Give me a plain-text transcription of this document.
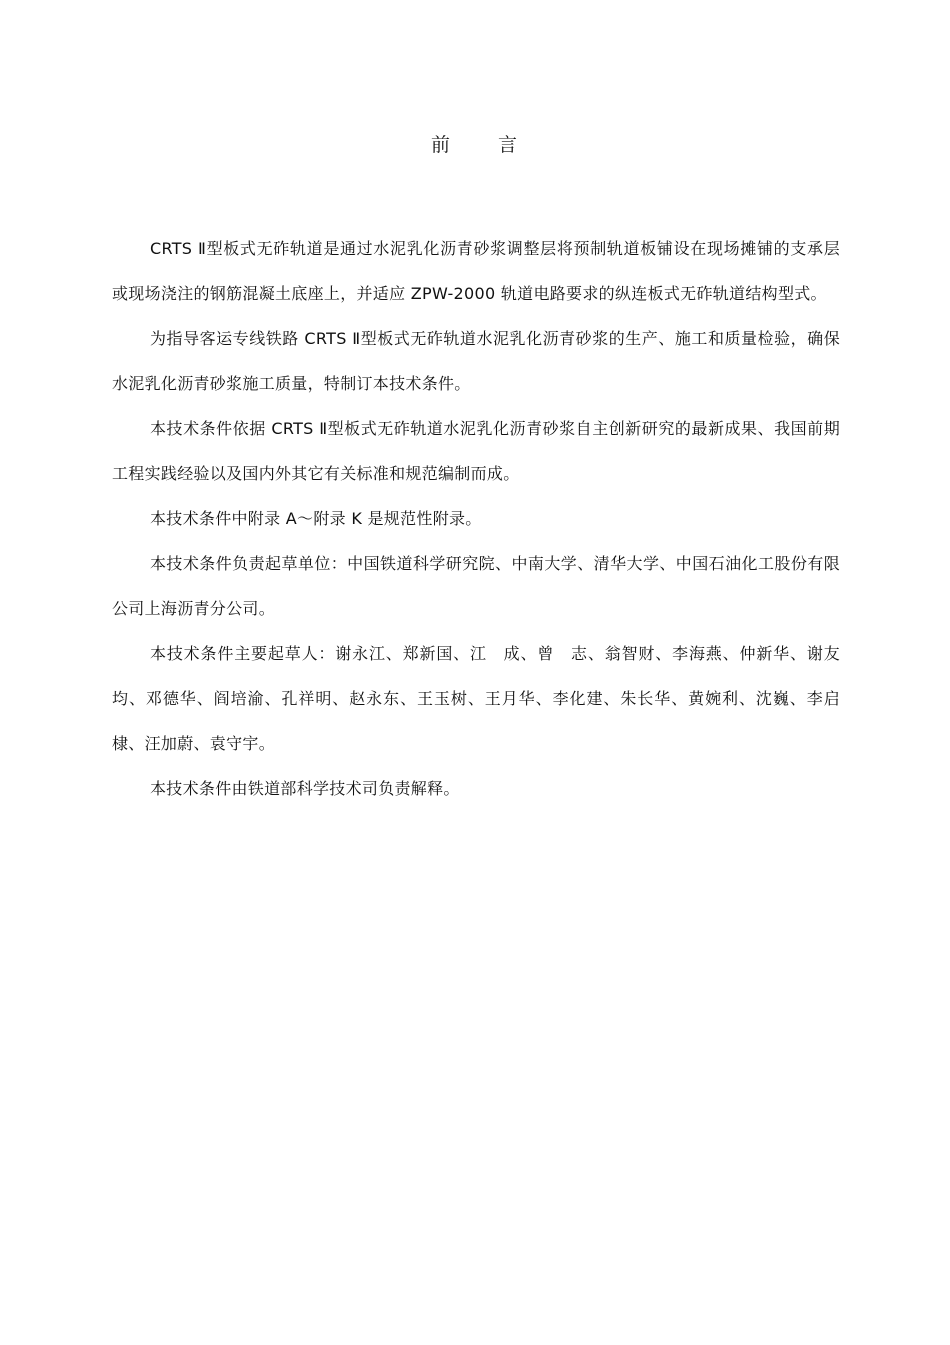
前 言

CRTS Ⅱ型板式无砟轨道是通过水泥乳化沥青砂浆调整层将预制轨道板铺设在现场摊铺的支承层或现场浇注的钢筋混凝土底座上，并适应 ZPW-2000 轨道电路要求的纵连板式无砟轨道结构型式。

为指导客运专线铁路 CRTS Ⅱ型板式无砟轨道水泥乳化沥青砂浆的生产、施工和质量检验，确保水泥乳化沥青砂浆施工质量，特制订本技术条件。

本技术条件依据 CRTS Ⅱ型板式无砟轨道水泥乳化沥青砂浆自主创新研究的最新成果、我国前期工程实践经验以及国内外其它有关标准和规范编制而成。

本技术条件中附录 A～附录 K 是规范性附录。

本技术条件负责起草单位：中国铁道科学研究院、中南大学、清华大学、中国石油化工股份有限公司上海沥青分公司。

本技术条件主要起草人：谢永江、郑新国、江　成、曾　志、翁智财、李海燕、仲新华、谢友均、邓德华、阎培渝、孔祥明、赵永东、王玉树、王月华、李化建、朱长华、黄婉利、沈巍、李启棣、汪加蔚、袁守宇。

本技术条件由铁道部科学技术司负责解释。
